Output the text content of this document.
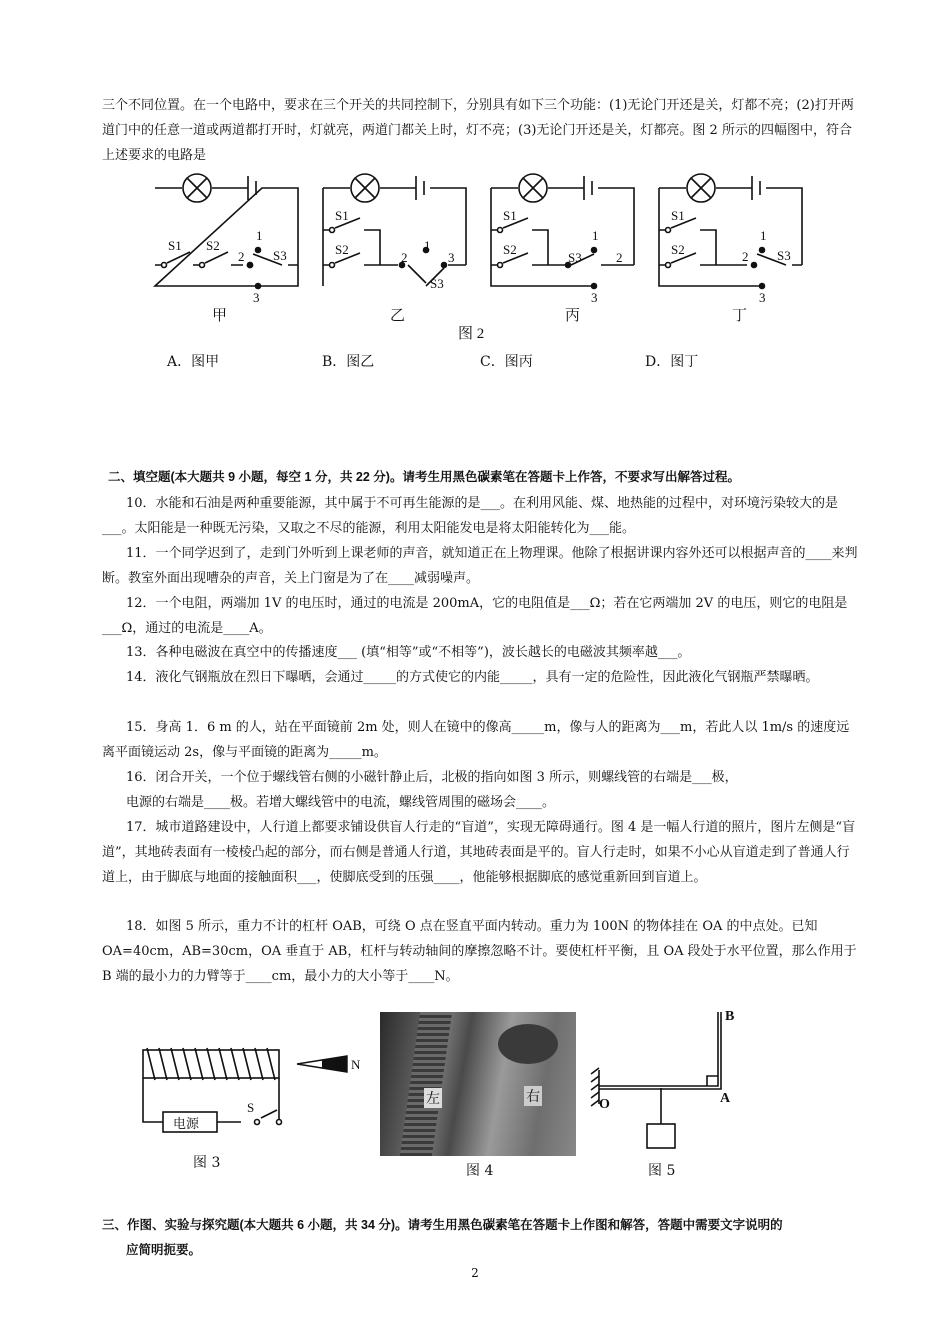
三个不同位置。在一个电路中，要求在三个开关的共同控制下，分别具有如下三个功能：(1)无论门开还是关，灯都不亮；(2)打开两道门中的任意一道或两道都打开时，灯就亮，两道门都关上时，灯不亮；(3)无论门开还是关，灯都亮。图 2 所示的四幅图中，符合上述要求的电路是

S1 S2
1
2 S3
3
S1
S2
2
1
3
S3
S1
S2
S3
1
2
3
S1
S2	2
1
S3
3
甲	乙	丙	丁
图 2
A．图甲	B．图乙	C．图丙	D．图丁

二、填空题(本大题共 9 小题，每空 1 分，共 22 分)。请考生用黑色碳素笔在答题卡上作答，不要求写出解答过程。

10．水能和石油是两种重要能源，其中属于不可再生能源的是___。在利用风能、煤、地热能的过程中，对环境污染较大的是___。太阳能是一种既无污染，又取之不尽的能源，利用太阳能发电是将太阳能转化为___能。

11．一个同学迟到了，走到门外听到上课老师的声音，就知道正在上物理课。他除了根据讲课内容外还可以根据声音的____来判断。教室外面出现嘈杂的声音，关上门窗是为了在____减弱噪声。

12．一个电阻，两端加 1V 的电压时，通过的电流是 200mA，它的电阻值是___Ω；若在它两端加 2V 的电压，则它的电阻是___Ω，通过的电流是____A。

13．各种电磁波在真空中的传播速度___ (填“相等”或“不相等”)，波长越长的电磁波其频率越___。

14．液化气钢瓶放在烈日下曝晒，会通过_____的方式使它的内能_____，具有一定的危险性，因此液化气钢瓶严禁曝晒。

15．身高 1．6 m 的人，站在平面镜前 2m 处，则人在镜中的像高_____m，像与人的距离为___m，若此人以 1m/s 的速度远离平面镜运动 2s，像与平面镜的距离为_____m。

16．闭合开关，一个位于螺线管右侧的小磁针静止后，北极的指向如图 3 所示，则螺线管的右端是___极，

电源的右端是____极。若增大螺线管中的电流，螺线管周围的磁场会____。

17．城市道路建设中，人行道上都要求铺设供盲人行走的“盲道”，实现无障碍通行。图 4 是一幅人行道的照片，图片左侧是“盲道”，其地砖表面有一棱棱凸起的部分，而右侧是普通人行道，其地砖表面是平的。盲人行走时，如果不小心从盲道走到了普通人行道上，由于脚底与地面的接触面积___，使脚底受到的压强____，他能够根据脚底的感觉重新回到盲道上。

18．如图 5 所示，重力不计的杠杆 OAB，可绕 O 点在竖直平面内转动。重力为 100N 的物体挂在 OA 的中点处。已知 OA=40cm，AB=30cm，OA 垂直于 AB，杠杆与转动轴间的摩擦忽略不计。要使杠杆平衡，且 OA 段处于水平位置，那么作用于 B 端的最小力的力臂等于____cm，最小力的大小等于____N。

N
电源
S
图 3
左	右
图 4
B
A
O
图 5

三、作图、实验与探究题(本大题共 6 小题，共 34 分)。请考生用黑色碳素笔在答题卡上作图和解答，答题中需要文字说明的

应简明扼要。

2
